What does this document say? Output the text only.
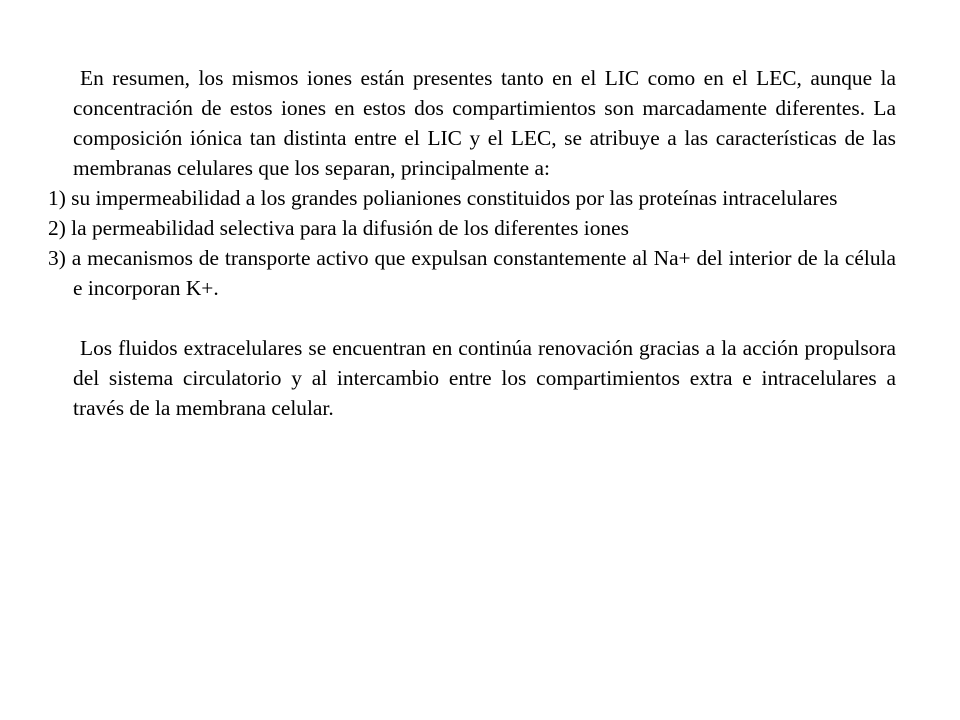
En resumen, los mismos iones están presentes tanto en el LIC como en el LEC, aunque la concentración de estos iones en estos dos compartimientos son marcadamente diferentes. La composición iónica tan distinta entre el LIC y el LEC, se atribuye a las características de las membranas celulares que los separan, principalmente a:

1) su impermeabilidad a los grandes polianiones constituidos por las proteínas intracelulares

2) la permeabilidad selectiva para la difusión de los diferentes iones

3) a mecanismos de transporte activo que expulsan constantemente al Na+ del interior de la célula e incorporan K+.

Los fluidos extracelulares se encuentran en continúa renovación gracias a la acción propulsora del sistema circulatorio y al intercambio entre los compartimientos extra e intracelulares a través de la membrana celular.
